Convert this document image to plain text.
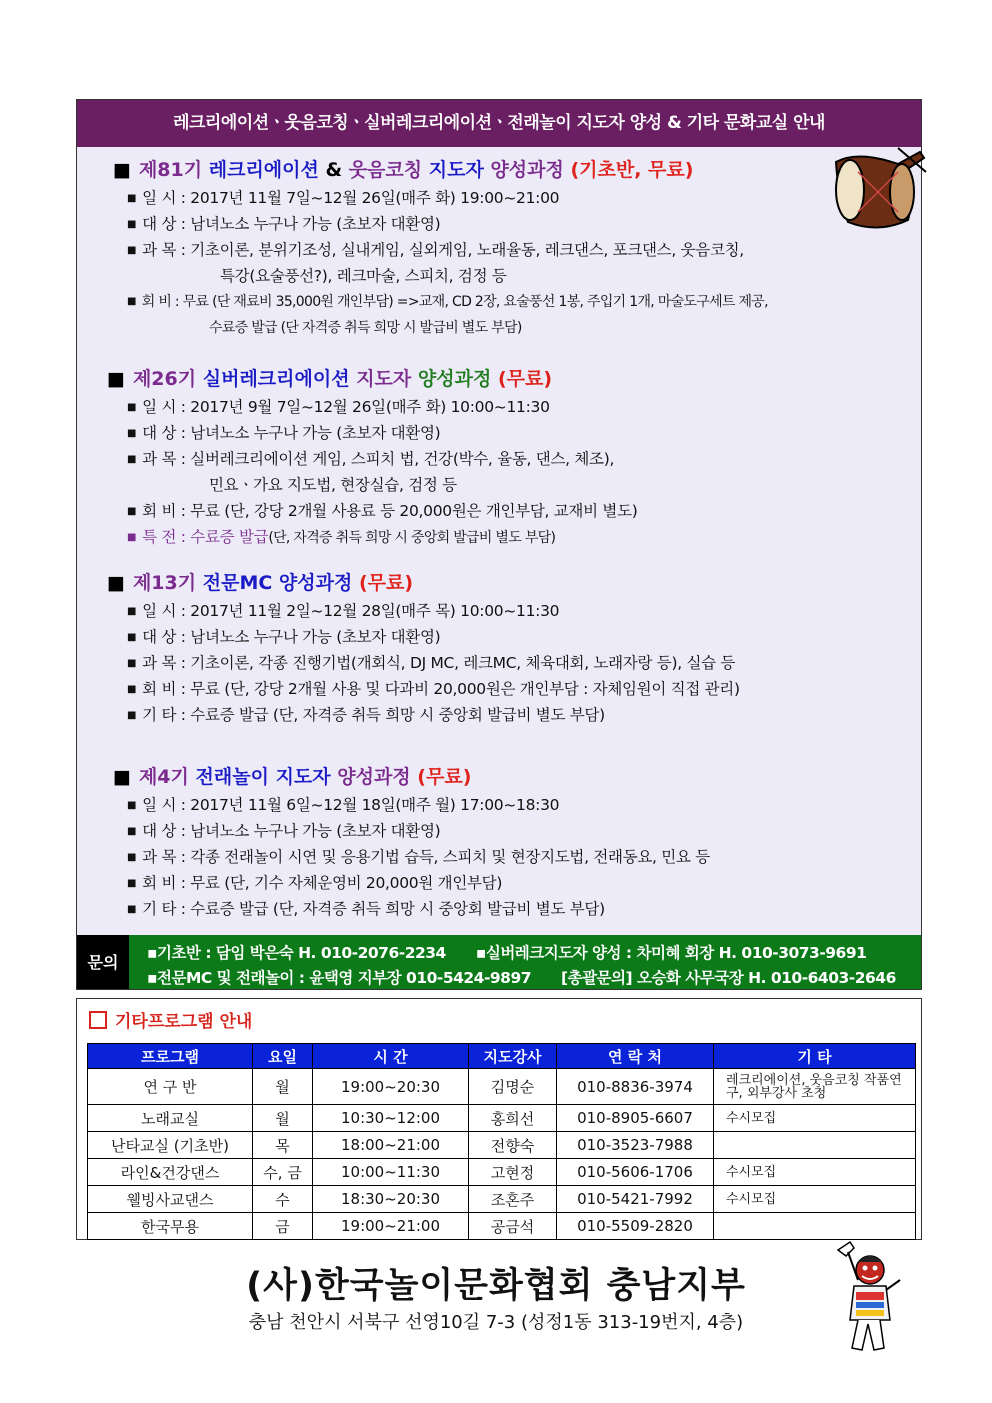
레크리에이션ㆍ웃음코칭ㆍ실버레크리에이션ㆍ전래놀이 지도자 양성 & 기타 문화교실 안내
■ 제81기 레크리에이션 & 웃음코칭 지도자 양성과정 (기초반, 무료)
■ 일 시 : 2017년 11월 7일~12월 26일(매주 화) 19:00~21:00
■ 대 상 : 남녀노소 누구나 가능 (초보자 대환영)
■ 과 목 : 기초이론, 분위기조성, 실내게임, 실외게임, 노래율동, 레크댄스, 포크댄스, 웃음코칭,
특강(요술풍선?), 레크마술, 스피치, 검정 등
■ 회 비 : 무료 (단 재료비 35,000원 개인부담) =>교재, CD 2장, 요술풍선 1봉, 주입기 1개, 마술도구세트 제공,
수료증 발급 (단 자격증 취득 희망 시 발급비 별도 부담)
■ 제26기 실버레크리에이션 지도자 양성과정 (무료)
■ 일 시 : 2017년 9월 7일~12월 26일(매주 화) 10:00~11:30
■ 대 상 : 남녀노소 누구나 가능 (초보자 대환영)
■ 과 목 : 실버레크리에이션 게임, 스피치 법, 건강(박수, 율동, 댄스, 체조),
민요ㆍ가요 지도법, 현장실습, 검정 등
■ 회 비 : 무료 (단, 강당 2개월 사용료 등 20,000원은 개인부담, 교재비 별도)
■ 특 전 : 수료증 발급(단, 자격증 취득 희망 시 중앙회 발급비 별도 부담)
■ 제13기 전문MC 양성과정 (무료)
■ 일 시 : 2017년 11월 2일~12월 28일(매주 목) 10:00~11:30
■ 대 상 : 남녀노소 누구나 가능 (초보자 대환영)
■ 과 목 : 기초이론, 각종 진행기법(개회식, DJ MC, 레크MC, 체육대회, 노래자랑 등), 실습 등
■ 회 비 : 무료 (단, 강당 2개월 사용 및 다과비 20,000원은 개인부담 : 자체임원이 직접 관리)
■ 기 타 : 수료증 발급 (단, 자격증 취득 희망 시 중앙회 발급비 별도 부담)
■ 제4기 전래놀이 지도자 양성과정 (무료)
■ 일 시 : 2017년 11월 6일~12월 18일(매주 월) 17:00~18:30
■ 대 상 : 남녀노소 누구나 가능 (초보자 대환영)
■ 과 목 : 각종 전래놀이 시연 및 응용기법 습득, 스피치 및 현장지도법, 전래동요, 민요 등
■ 회 비 : 무료 (단, 기수 자체운영비 20,000원 개인부담)
■ 기 타 : 수료증 발급 (단, 자격증 취득 희망 시 중앙회 발급비 별도 부담)
문의	▪기초반 : 담임 박은숙 H. 010-2076-2234 ▪실버레크지도자 양성 : 차미혜 회장 H. 010-3073-9691
▪전문MC 및 전래놀이 : 윤택영 지부장 010-5424-9897 [총괄문의] 오승화 사무국장 H. 010-6403-2646
기타프로그램 안내
프로그램	요일	시 간	지도강사	연 락 처	기 타
연 구 반	월	19:00~20:30	김명순	010-8836-3974	레크리에이션, 웃음코칭 작품연구, 외부강사 초청
노래교실	월	10:30~12:00	홍희선	010-8905-6607	수시모집
난타교실 (기초반)	목	18:00~21:00	전향숙	010-3523-7988	
라인&건강댄스	수, 금	10:00~11:30	고현정	010-5606-1706	수시모집
웰빙사교댄스	수	18:30~20:30	조혼주	010-5421-7992	수시모집
한국무용	금	19:00~21:00	공금석	010-5509-2820	
(사)한국놀이문화협회 충남지부
충남 천안시 서북구 선영10길 7-3 (성정1동 313-19번지, 4층)
